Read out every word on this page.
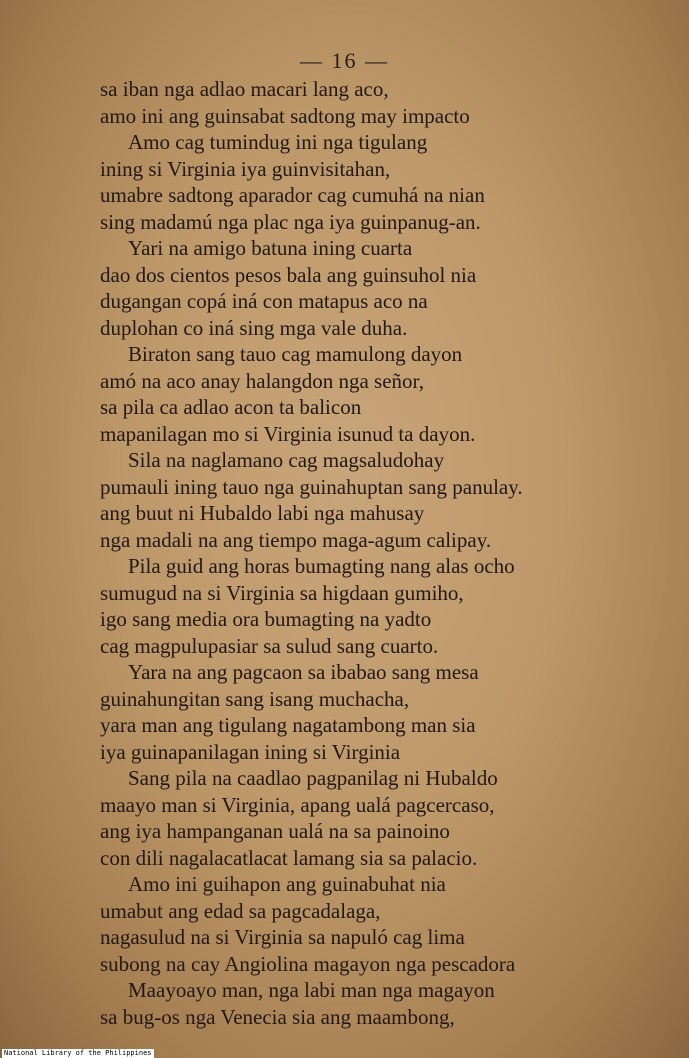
— 16 —
sa iban nga adlao macari lang aco,
amo ini ang guinsabat sadtong may impacto
Amo cag tumindug ini nga tigulang
ining si Virginia iya guinvisitahan,
umabre sadtong aparador cag cumuhá na nian
sing madamú nga plac nga iya guinpanug-an.
Yari na amigo batuna ining cuarta
dao dos cientos pesos bala ang guinsuhol nia
dugangan copá iná con matapus aco na
duplohan co iná sing mga vale duha.
Biraton sang tauo cag mamulong dayon
amó na aco anay halangdon nga señor,
sa pila ca adlao acon ta balicon
mapanilagan mo si Virginia isunud ta dayon.
Sila na naglamano cag magsaludohay
pumauli ining tauo nga guinahuptan sang panulay.
ang buut ni Hubaldo labi nga mahusay
nga madali na ang tiempo maga-agum calipay.
Pila guid ang horas bumagting nang alas ocho
sumugud na si Virginia sa higdaan gumiho,
igo sang media ora bumagting na yadto
cag magpulupasiar sa sulud sang cuarto.
Yara na ang pagcaon sa ibabao sang mesa
guinahungitan sang isang muchacha,
yara man ang tigulang nagatambong man sia
iya guinapanilagan ining si Virginia
Sang pila na caadlao pagpanilag ni Hubaldo
maayo man si Virginia, apang ualá pagcercaso,
ang iya hampanganan ualá na sa painoino
con dili nagalacatlacat lamang sia sa palacio.
Amo ini guihapon ang guinabuhat nia
umabut ang edad sa pagcadalaga,
nagasulud na si Virginia sa napuló cag lima
subong na cay Angiolina magayon nga pescadora
Maayoayo man, nga labi man nga magayon
sa bug-os nga Venecia sia ang maambong,
National Library of the Philippines
